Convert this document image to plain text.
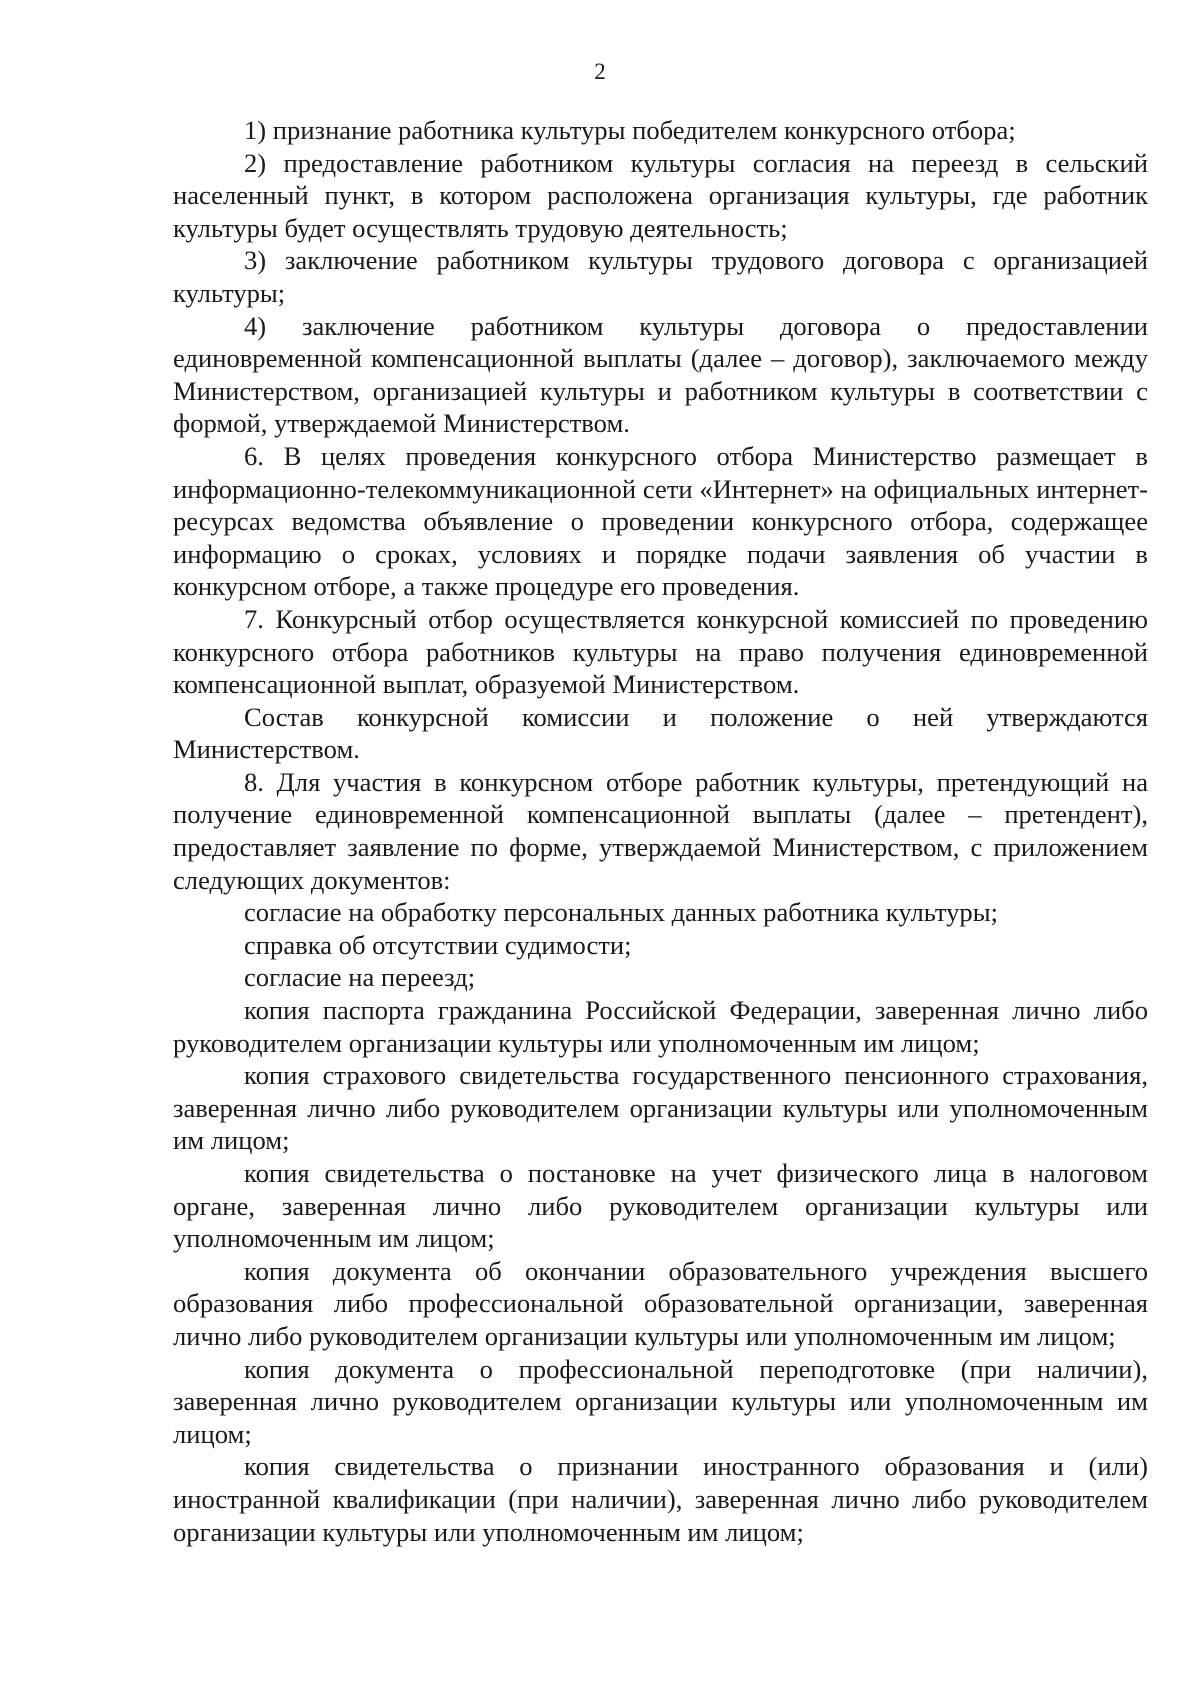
2

1) признание работника культуры победителем конкурсного отбора;

2) предоставление работником культуры согласия на переезд в сельский населенный пункт, в котором расположена организация культуры, где работник культуры будет осуществлять трудовую деятельность;

3) заключение работником культуры трудового договора с организацией культуры;

4) заключение работником культуры договора о предоставлении единовременной компенсационной выплаты (далее – договор), заключаемого между Министерством, организацией культуры и работником культуры в соответствии с формой, утверждаемой Министерством.

6. В целях проведения конкурсного отбора Министерство размещает в информационно-телекоммуникационной сети «Интернет» на официальных интернет-ресурсах ведомства объявление о проведении конкурсного отбора, содержащее информацию о сроках, условиях и порядке подачи заявления об участии в конкурсном отборе, а также процедуре его проведения.

7. Конкурсный отбор осуществляется конкурсной комиссией по проведению конкурсного отбора работников культуры на право получения единовременной компенсационной выплат, образуемой Министерством.

Состав конкурсной комиссии и положение о ней утверждаются Министерством.

8. Для участия в конкурсном отборе работник культуры, претендующий на получение единовременной компенсационной выплаты (далее – претендент), предоставляет заявление по форме, утверждаемой Министерством, с приложением следующих документов:

согласие на обработку персональных данных работника культуры;

справка об отсутствии судимости;

согласие на переезд;

копия паспорта гражданина Российской Федерации, заверенная лично либо руководителем организации культуры или уполномоченным им лицом;

копия страхового свидетельства государственного пенсионного страхования, заверенная лично либо руководителем организации культуры или уполномоченным им лицом;

копия свидетельства о постановке на учет физического лица в налоговом органе, заверенная лично либо руководителем организации культуры или уполномоченным им лицом;

копия документа об окончании образовательного учреждения высшего образования либо профессиональной образовательной организации, заверенная лично либо руководителем организации культуры или уполномоченным им лицом;

копия документа о профессиональной переподготовке (при наличии), заверенная лично руководителем организации культуры или уполномоченным им лицом;

копия свидетельства о признании иностранного образования и (или) иностранной квалификации (при наличии), заверенная лично либо руководителем организации культуры или уполномоченным им лицом;
